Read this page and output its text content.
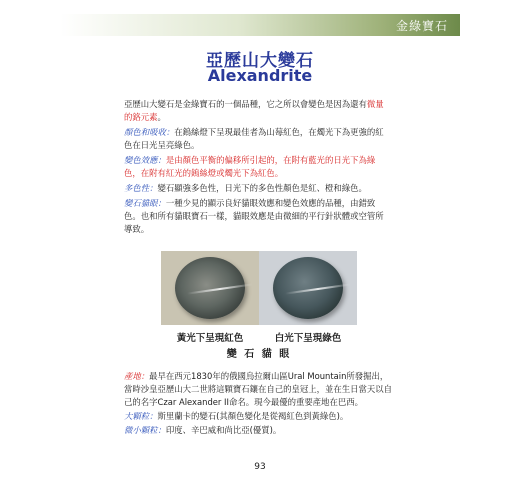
金綠寶石
亞歷山大變石
Alexandrite

亞歷山大變石是金綠寶石的一個品種，它之所以會變色是因為還有微量的鉻元素。

顏色和吸收：在鎢絲燈下呈現最佳者為山莓紅色，在燭光下為更強的紅色在日光呈亮綠色。

變色效應：是由顏色平衡的偏移所引起的，在附有藍光的日光下為綠色，在附有紅光的鎢絲燈或燭光下為紅色。

多色性：變石顯強多色性，日光下的多色性顏色是紅、橙和綠色。

變石貓眼：一種少見的顯示良好貓眼效應和變色效應的品種，由錯致色。也和所有貓眼寶石一樣，貓眼效應是由微細的平行針狀體或空管所導致。

黃光下呈現紅色	白光下呈現綠色
變 石 貓 眼

產地：最早在西元1830年的俄國烏拉爾山區Ural Mountain所發掘出，當時沙皇亞歷山大二世將這顆寶石鑲在自己的皇冠上，並在生日當天以自己的名字Czar Alexander II命名。現今最優的重要產地在巴西。

大顆粒：斯里蘭卡的變石(其顏色變化是從褐紅色到黃綠色)。

微小顆粒：印度、辛巴威和尚比亞(優質)。

93
